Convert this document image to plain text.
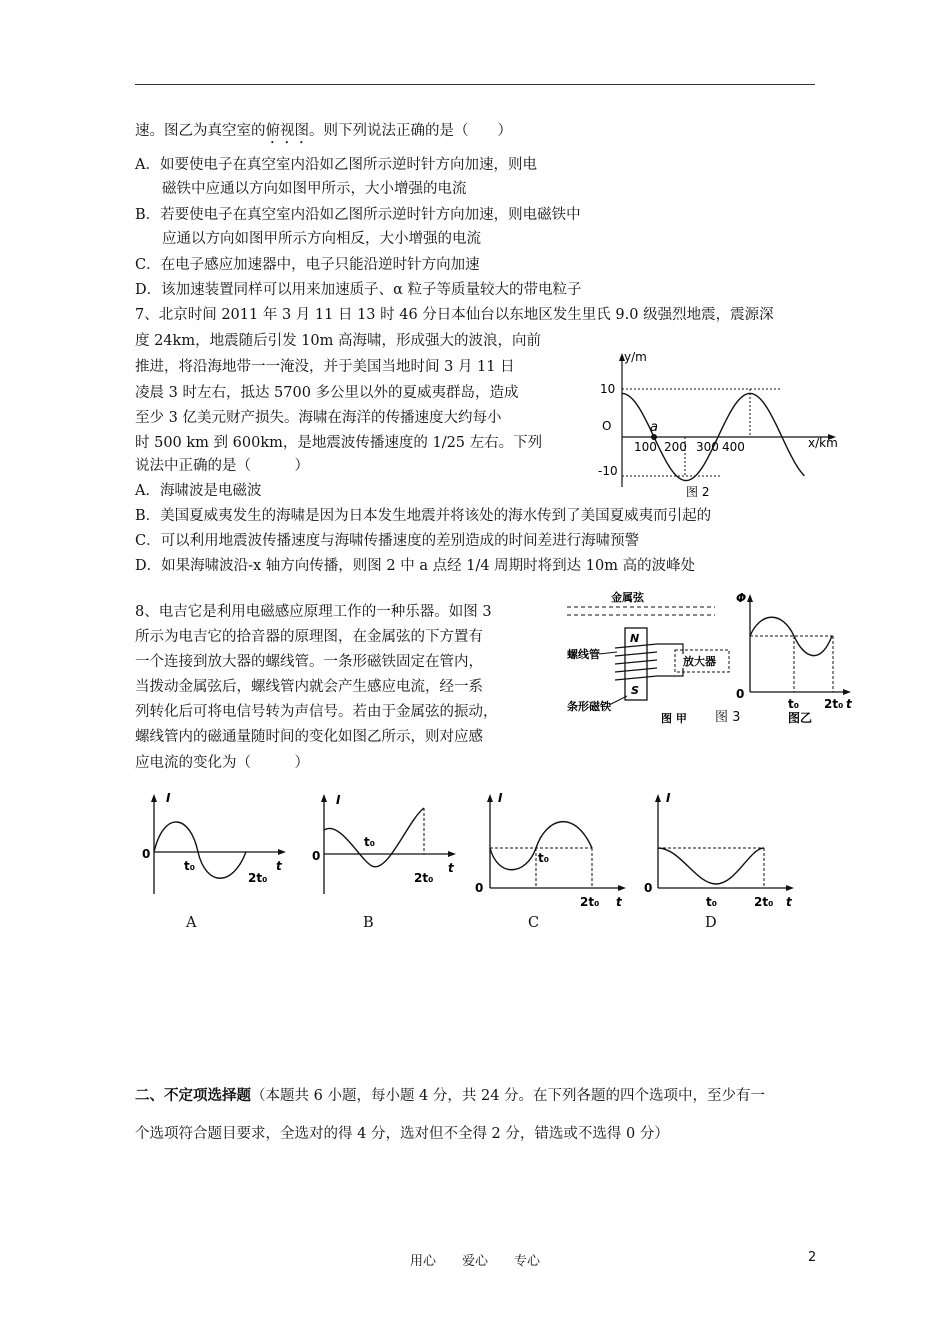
速。图乙为真空室的俯视图。则下列说法正确的是（　　）
A．如要使电子在真空室内沿如乙图所示逆时针方向加速，则电
磁铁中应通以方向如图甲所示，大小增强的电流
B．若要使电子在真空室内沿如乙图所示逆时针方向加速，则电磁铁中
应通以方向如图甲所示方向相反，大小增强的电流
C．在电子感应加速器中，电子只能沿逆时针方向加速
D．该加速装置同样可以用来加速质子、α 粒子等质量较大的带电粒子
7、北京时间 2011 年 3 月 11 日 13 时 46 分日本仙台以东地区发生里氏 9.0 级强烈地震，震源深
度 24km，地震随后引发 10m 高海啸，形成强大的波浪，向前
推进，将沿海地带一一淹没，并于美国当地时间 3 月 11 日
凌晨 3 时左右，抵达 5700 多公里以外的夏威夷群岛，造成
至少 3 亿美元财产损失。海啸在海洋的传播速度大约每小
时 500 km 到 600km，是地震波传播速度的 1/25 左右。下列
说法中正确的是（　　　）
A．海啸波是电磁波
B．美国夏威夷发生的海啸是因为日本发生地震并将该处的海水传到了美国夏威夷而引起的
C．可以利用地震波传播速度与海啸传播速度的差别造成的时间差进行海啸预警
D．如果海啸波沿-x 轴方向传播，则图 2 中 a 点经 1/4 周期时将到达 10m 高的波峰处
a
y/m
10
-10
O
100 200 300 400	x/km
图 2
8、电吉它是利用电磁感应原理工作的一种乐器。如图 3
所示为电吉它的拾音器的原理图，在金属弦的下方置有
一个连接到放大器的螺线管。一条形磁铁固定在管内，
当拨动金属弦后，螺线管内就会产生感应电流，经一系
列转化后可将电信号转为声信号。若由于金属弦的振动，
螺线管内的磁通量随时间的变化如图乙所示，则对应感
应电流的变化为（　　　）
金属弦
N
S
放大器
螺线管
条形磁铁
图 甲
Φ
0
t₀ 2t₀ t
图乙
图 3
I
0
t₀
2t₀
t
I
0
t₀
2t₀
t
I
0
t₀
2t₀ t
I
0
t₀	2t₀ t
A	B	C	D
二、不定项选择题（本题共 6 小题，每小题 4 分，共 24 分。在下列各题的四个选项中，至少有一
个选项符合题目要求，全选对的得 4 分，选对但不全得 2 分，错选或不选得 0 分）
用心　　爱心　　专心	2
